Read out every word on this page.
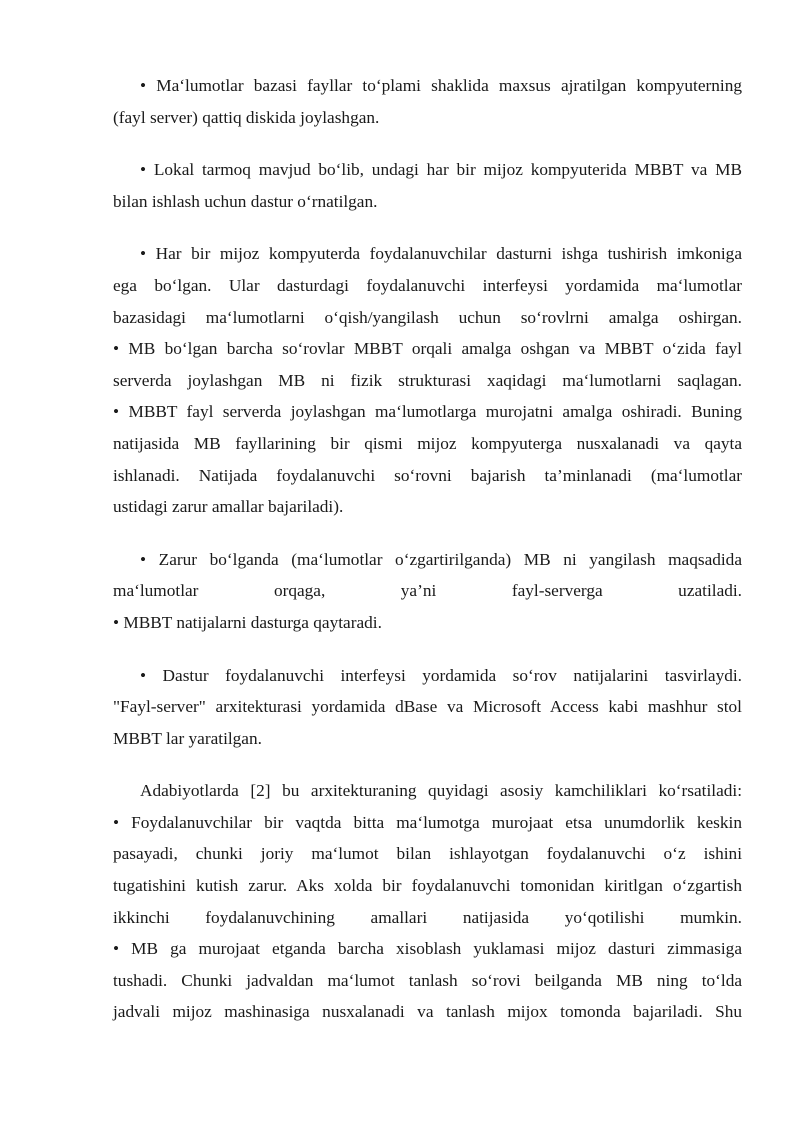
• Ma‘lumotlar bazasi fayllar to‘plami shaklida maxsus ajratilgan kompyuterning
(fayl server) qattiq diskida joylashgan.

• Lokal tarmoq mavjud bo‘lib, undagi har bir mijoz kompyuterida MBBT va MB
bilan ishlash uchun dastur o‘rnatilgan.

• Har bir mijoz kompyuterda foydalanuvchilar dasturni ishga tushirish imkoniga
ega bo‘lgan. Ular dasturdagi foydalanuvchi interfeysi yordamida ma‘lumotlar
bazasidagi ma‘lumotlarni o‘qish/yangilash uchun so‘rovlrni amalga oshirgan.
• MB bo‘lgan barcha so‘rovlar MBBT orqali amalga oshgan va MBBT o‘zida fayl
serverda joylashgan MB ni fizik strukturasi xaqidagi ma‘lumotlarni saqlagan.
• MBBT fayl serverda joylashgan ma‘lumotlarga murojatni amalga oshiradi. Buning
natijasida MB fayllarining bir qismi mijoz kompyuterga nusxalanadi va qayta
ishlanadi. Natijada foydalanuvchi so‘rovni bajarish ta’minlanadi (ma‘lumotlar
ustidagi zarur amallar bajariladi).

• Zarur bo‘lganda (ma‘lumotlar o‘zgartirilganda) MB ni yangilash maqsadida
ma‘lumotlar orqaga, ya’ni fayl-serverga uzatiladi.
• MBBT natijalarni dasturga qaytaradi.

• Dastur foydalanuvchi interfeysi yordamida so‘rov natijalarini tasvirlaydi.
"Fayl-server" arxitekturasi yordamida dBase va Microsoft Access kabi mashhur stol
MBBT lar yaratilgan.

Adabiyotlarda [2] bu arxitekturaning quyidagi asosiy kamchiliklari ko‘rsatiladi:
• Foydalanuvchilar bir vaqtda bitta ma‘lumotga murojaat etsa unumdorlik keskin
pasayadi, chunki joriy ma‘lumot bilan ishlayotgan foydalanuvchi o‘z ishini
tugatishini kutish zarur. Aks xolda bir foydalanuvchi tomonidan kiritlgan o‘zgartish
ikkinchi foydalanuvchining amallari natijasida yo‘qotilishi mumkin.
• MB ga murojaat etganda barcha xisoblash yuklamasi mijoz dasturi zimmasiga
tushadi. Chunki jadvaldan ma‘lumot tanlash so‘rovi beilganda MB ning to‘lda
jadvali mijoz mashinasiga nusxalanadi va tanlash mijox tomonda bajariladi. Shu
